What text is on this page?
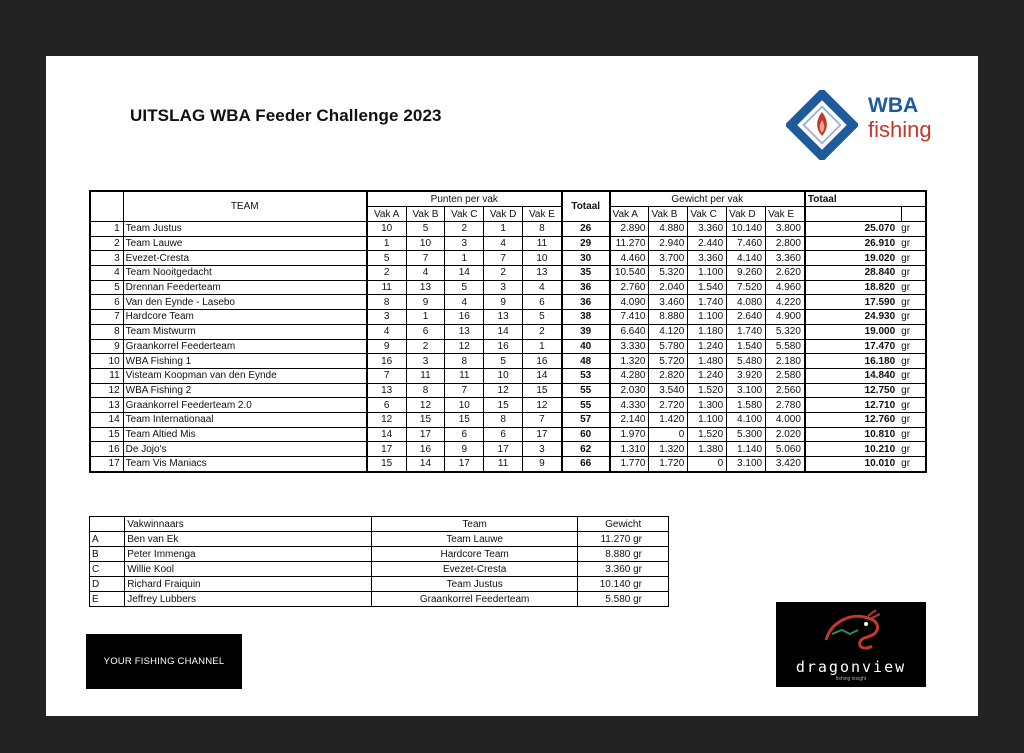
UITSLAG WBA Feeder Challenge 2023	WBA
fishing
	TEAM	Punten per vak					Totaal	Gewicht per vak					Totaal	
		Vak A	Vak B	Vak C	Vak D	Vak E		Vak A	Vak B	Vak C	Vak D	Vak E		
1	Team Justus	10	5	2	1	8	26	2.890	4.880	3.360	10.140	3.800	25.070	gr
2	Team Lauwe	1	10	3	4	11	29	11.270	2.940	2.440	7.460	2.800	26.910	gr
3	Evezet-Cresta	5	7	1	7	10	30	4.460	3.700	3.360	4.140	3.360	19.020	gr
4	Team Nooitgedacht	2	4	14	2	13	35	10.540	5.320	1.100	9.260	2.620	28.840	gr
5	Drennan Feederteam	11	13	5	3	4	36	2.760	2.040	1.540	7.520	4.960	18.820	gr
6	Van den Eynde - Lasebo	8	9	4	9	6	36	4.090	3.460	1.740	4.080	4.220	17.590	gr
7	Hardcore Team	3	1	16	13	5	38	7.410	8.880	1.100	2.640	4.900	24.930	gr
8	Team Mistwurm	4	6	13	14	2	39	6.640	4.120	1.180	1.740	5.320	19.000	gr
9	Graankorrel Feederteam	9	2	12	16	1	40	3.330	5.780	1.240	1.540	5.580	17.470	gr
10	WBA Fishing 1	16	3	8	5	16	48	1.320	5.720	1.480	5.480	2.180	16.180	gr
11	Visteam Koopman van den Eynde	7	11	11	10	14	53	4.280	2.820	1.240	3.920	2.580	14.840	gr
12	WBA Fishing 2	13	8	7	12	15	55	2.030	3.540	1.520	3.100	2.560	12.750	gr
13	Graankorrel Feederteam 2.0	6	12	10	15	12	55	4.330	2.720	1.300	1.580	2.780	12.710	gr
14	Team Internationaal	12	15	15	8	7	57	2.140	1.420	1.100	4.100	4.000	12.760	gr
15	Team Altied Mis	14	17	6	6	17	60	1.970	0	1.520	5.300	2.020	10.810	gr
16	De Jojo's	17	16	9	17	3	62	1.310	1.320	1.380	1.140	5.060	10.210	gr
17	Team Vis Maniacs	15	14	17	11	9	66	1.770	1.720	0	3.100	3.420	10.010	gr
	Vakwinnaars	Team	Gewicht
A	Ben van Ek	Team Lauwe	11.270 gr
B	Peter Immenga	Hardcore Team	8.880 gr
C	Willie Kool	Evezet-Cresta	3.360 gr
D	Richard Fraiquin	Team Justus	10.140 gr
E	Jeffrey Lubbers	Graankorrel Feederteam	5.580 gr
YOUR FISHING CHANNEL	dragonview
fishing insight
